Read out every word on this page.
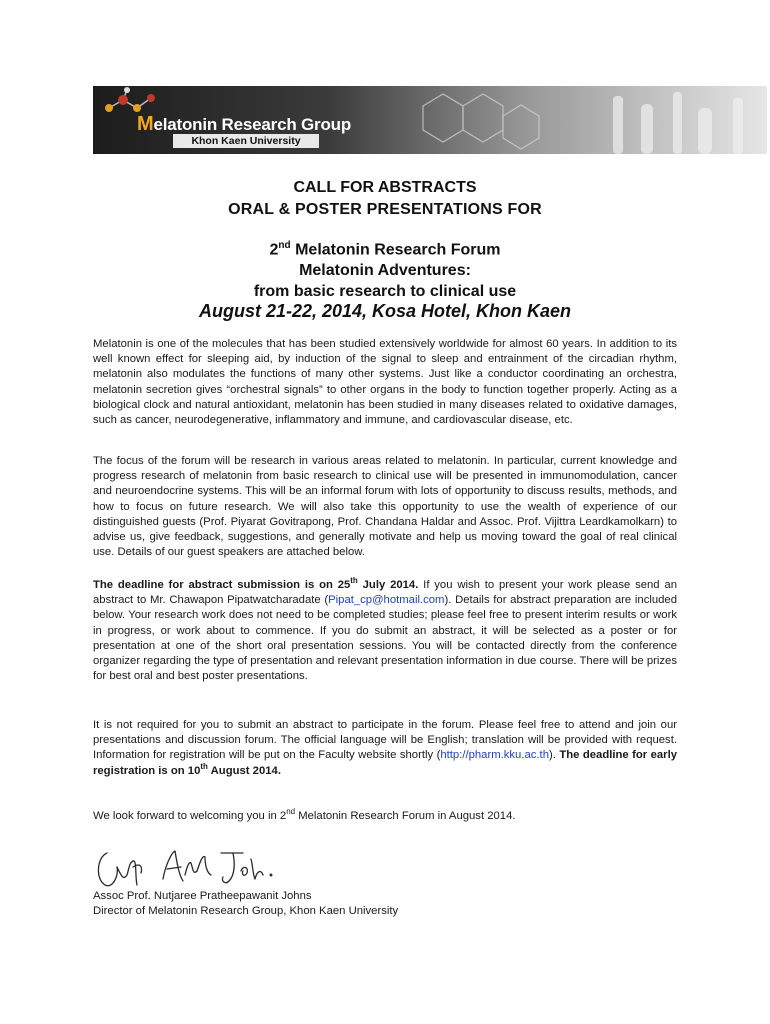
Melatonin Research Group
Khon Kaen University
CALL FOR ABSTRACTS
ORAL & POSTER PRESENTATIONS FOR
2nd Melatonin Research Forum
Melatonin Adventures:
from basic research to clinical use
August 21-22, 2014, Kosa Hotel, Khon Kaen
Melatonin is one of the molecules that has been studied extensively worldwide for almost 60 years. In addition to its well known effect for sleeping aid, by induction of the signal to sleep and entrainment of the circadian rhythm, melatonin also modulates the functions of many other systems. Just like a conductor coordinating an orchestra, melatonin secretion gives “orchestral signals” to other organs in the body to function together properly. Acting as a biological clock and natural antioxidant, melatonin has been studied in many diseases related to oxidative damages, such as cancer, neurodegenerative, inflammatory and immune, and cardiovascular disease, etc.
The focus of the forum will be research in various areas related to melatonin. In particular, current knowledge and progress research of melatonin from basic research to clinical use will be presented in immunomodulation, cancer and neuroendocrine systems. This will be an informal forum with lots of opportunity to discuss results, methods, and how to focus on future research. We will also take this opportunity to use the wealth of experience of our distinguished guests (Prof. Piyarat Govitrapong, Prof. Chandana Haldar and Assoc. Prof. Vijittra Leardkamolkarn) to advise us, give feedback, suggestions, and generally motivate and help us moving toward the goal of real clinical use. Details of our guest speakers are attached below.
The deadline for abstract submission is on 25th July 2014. If you wish to present your work please send an abstract to Mr. Chawapon Pipatwatcharadate (Pipat_cp@hotmail.com). Details for abstract preparation are included below. Your research work does not need to be completed studies; please feel free to present interim results or work in progress, or work about to commence. If you do submit an abstract, it will be selected as a poster or for presentation at one of the short oral presentation sessions. You will be contacted directly from the conference organizer regarding the type of presentation and relevant presentation information in due course. There will be prizes for best oral and best poster presentations.
It is not required for you to submit an abstract to participate in the forum. Please feel free to attend and join our presentations and discussion forum. The official language will be English; translation will be provided with request. Information for registration will be put on the Faculty website shortly (http://pharm.kku.ac.th). The deadline for early registration is on 10th August 2014.
We look forward to welcoming you in 2nd Melatonin Research Forum in August 2014.
Assoc Prof. Nutjaree Pratheepawanit Johns
Director of Melatonin Research Group, Khon Kaen University
